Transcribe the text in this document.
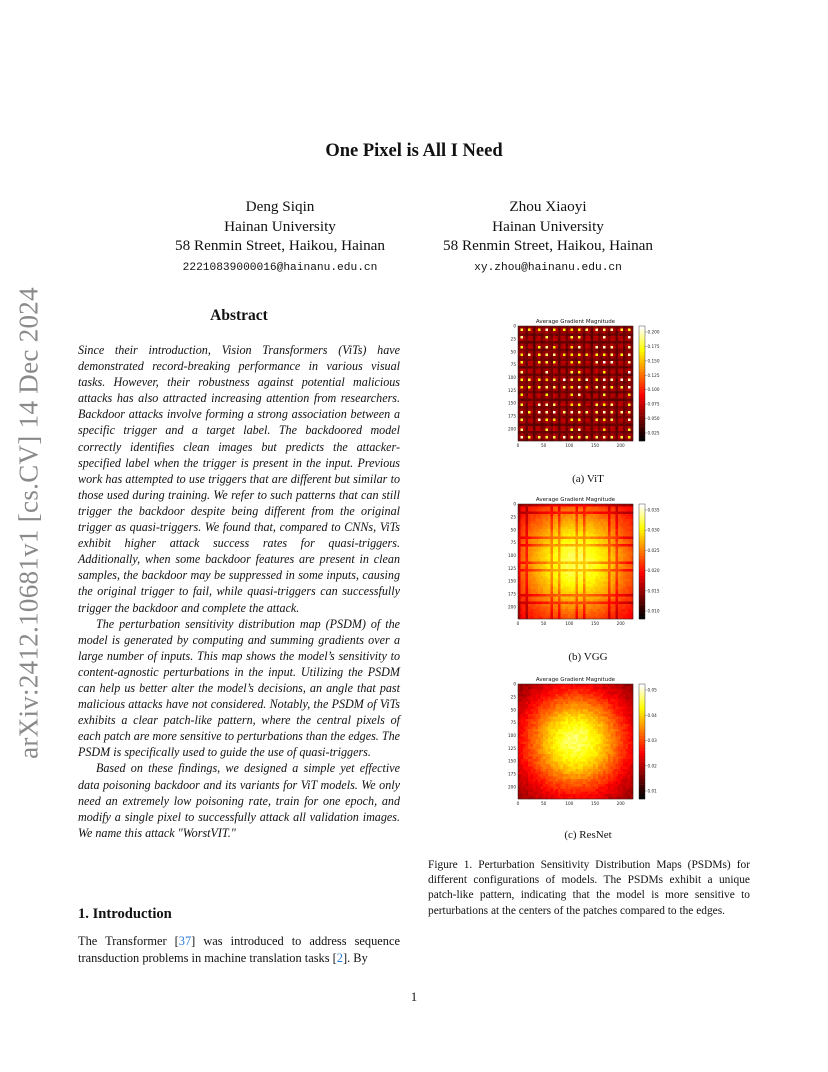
arXiv:2412.10681v1 [cs.CV] 14 Dec 2024
One Pixel is All I Need
Deng Siqin
Hainan University
58 Renmin Street, Haikou, Hainan
22210839000016@hainanu.edu.cn
Zhou Xiaoyi
Hainan University
58 Renmin Street, Haikou, Hainan
xy.zhou@hainanu.edu.cn
Abstract

Since their introduction, Vision Transformers (ViTs) have demonstrated record-breaking performance in various visual tasks. However, their robustness against potential malicious attacks has also attracted increasing attention from researchers. Backdoor attacks involve forming a strong association between a specific trigger and a target label. The backdoored model correctly identifies clean images but predicts the attacker-specified label when the trigger is present in the input. Previous work has attempted to use triggers that are different but similar to those used during training. We refer to such patterns that can still trigger the backdoor despite being different from the original trigger as quasi-triggers. We found that, compared to CNNs, ViTs exhibit higher attack success rates for quasi-triggers. Additionally, when some backdoor features are present in clean samples, the backdoor may be suppressed in some inputs, causing the original trigger to fail, while quasi-triggers can successfully trigger the backdoor and complete the attack.

The perturbation sensitivity distribution map (PSDM) of the model is generated by computing and summing gradients over a large number of inputs. This map shows the model’s sensitivity to content-agnostic perturbations in the input. Utilizing the PSDM can help us better alter the model’s decisions, an angle that past malicious attacks have not considered. Notably, the PSDM of ViTs exhibits a clear patch-like pattern, where the central pixels of each patch are more sensitive to perturbations than the edges. The PSDM is specifically used to guide the use of quasi-triggers.

Based on these findings, we designed a simple yet effective data poisoning backdoor and its variants for ViT models. We only need an extremely low poisoning rate, train for one epoch, and modify a single pixel to successfully attack all validation images. We name this attack "WorstVIT."

1. Introduction
The Transformer [37] was introduced to address sequence transduction problems in machine translation tasks [2]. By
Average Gradient Magnitude
0
25
50
75
100
125
150
175
200
0	50	100	150	200
0.200
0.175
0.150
0.125
0.100
0.075
0.050
0.025
(a) ViT
Average Gradient Magnitude
0
25
50
75
100
125
150
175
200
0	50	100	150	200
0.035
0.030
0.025
0.020
0.015
0.010
(b) VGG
Average Gradient Magnitude
0
25
50
75
100
125
150
175
200
0	50	100	150	200
0.05
0.04
0.03
0.02
0.01
(c) ResNet
Figure 1. Perturbation Sensitivity Distribution Maps (PSDMs) for different configurations of models. The PSDMs exhibit a unique patch-like pattern, indicating that the model is more sensitive to perturbations at the centers of the patches compared to the edges.
1
